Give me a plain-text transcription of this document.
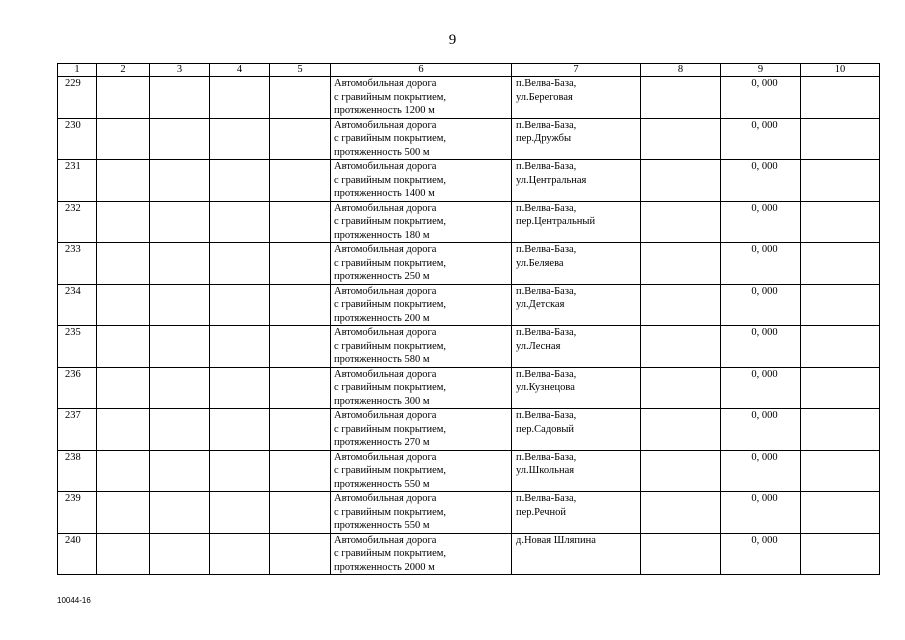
9
1	2	3	4	5	6	7	8	9	10
229					Автомобильная дорога
с гравийным покрытием,
протяженность 1200 м	п.Велва-База,
ул.Береговая		0, 000	
230					Автомобильная дорога
с гравийным покрытием,
протяженность 500 м	п.Велва-База,
пер.Дружбы		0, 000	
231					Автомобильная дорога
с гравийным покрытием,
протяженность 1400 м	п.Велва-База,
ул.Центральная		0, 000	
232					Автомобильная дорога
с гравийным покрытием,
протяженность 180 м	п.Велва-База,
пер.Центральный		0, 000	
233					Автомобильная дорога
с гравийным покрытием,
протяженность 250 м	п.Велва-База,
ул.Беляева		0, 000	
234					Автомобильная дорога
с гравийным покрытием,
протяженность 200 м	п.Велва-База,
ул.Детская		0, 000	
235					Автомобильная дорога
с гравийным покрытием,
протяженность 580 м	п.Велва-База,
ул.Лесная		0, 000	
236					Автомобильная дорога
с гравийным покрытием,
протяженность 300 м	п.Велва-База,
ул.Кузнецова		0, 000	
237					Автомобильная дорога
с гравийным покрытием,
протяженность 270 м	п.Велва-База,
пер.Садовый		0, 000	
238					Автомобильная дорога
с гравийным покрытием,
протяженность 550 м	п.Велва-База,
ул.Школьная		0, 000	
239					Автомобильная дорога
с гравийным покрытием,
протяженность 550 м	п.Велва-База,
пер.Речной		0, 000	
240					Автомобильная дорога
с гравийным покрытием,
протяженность 2000 м	д.Новая Шляпина		0, 000	
10044-16
